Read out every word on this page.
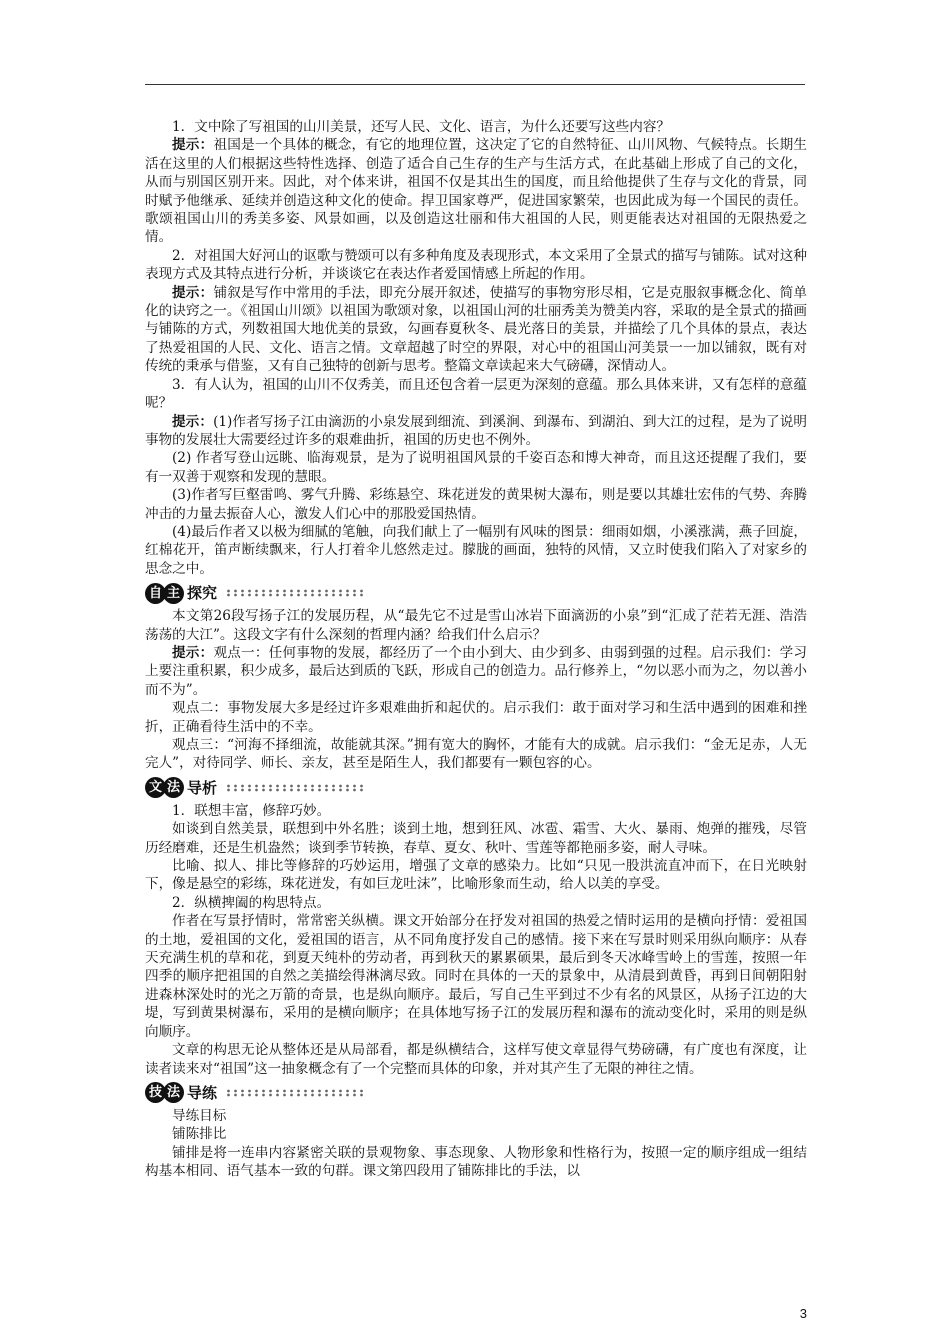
1．文中除了写祖国的山川美景，还写人民、文化、语言，为什么还要写这些内容？

提示：祖国是一个具体的概念，有它的地理位置，这决定了它的自然特征、山川风物、气候特点。长期生活在这里的人们根据这些特性选择、创造了适合自己生存的生产与生活方式，在此基础上形成了自己的文化，从而与别国区别开来。因此，对个体来讲，祖国不仅是其出生的国度，而且给他提供了生存与文化的背景，同时赋予他继承、延续并创造这种文化的使命。捍卫国家尊严，促进国家繁荣，也因此成为每一个国民的责任。歌颂祖国山川的秀美多姿、风景如画，以及创造这壮丽和伟大祖国的人民，则更能表达对祖国的无限热爱之情。

2．对祖国大好河山的讴歌与赞颂可以有多种角度及表现形式，本文采用了全景式的描写与铺陈。试对这种表现方式及其特点进行分析，并谈谈它在表达作者爱国情感上所起的作用。

提示：铺叙是写作中常用的手法，即充分展开叙述，使描写的事物穷形尽相，它是克服叙事概念化、简单化的诀窍之一。《祖国山川颂》以祖国为歌颂对象，以祖国山河的壮丽秀美为赞美内容，采取的是全景式的描画与铺陈的方式，列数祖国大地优美的景致，勾画春夏秋冬、晨光落日的美景，并描绘了几个具体的景点，表达了热爱祖国的人民、文化、语言之情。文章超越了时空的界限，对心中的祖国山河美景一一加以铺叙，既有对传统的秉承与借鉴，又有自己独特的创新与思考。整篇文章读起来大气磅礴，深情动人。

3．有人认为，祖国的山川不仅秀美，而且还包含着一层更为深刻的意蕴。那么具体来讲，又有怎样的意蕴呢？

提示：(1)作者写扬子江由滴沥的小泉发展到细流、到溪涧、到瀑布、到湖泊、到大江的过程，是为了说明事物的发展壮大需要经过许多的艰难曲折，祖国的历史也不例外。

(2) 作者写登山远眺、临海观景，是为了说明祖国风景的千姿百态和博大神奇，而且这还提醒了我们，要有一双善于观察和发现的慧眼。

(3)作者写巨壑雷鸣、雾气升腾、彩练悬空、珠花迸发的黄果树大瀑布，则是要以其雄壮宏伟的气势、奔腾冲击的力量去振奋人心，激发人们心中的那股爱国热情。

(4)最后作者又以极为细腻的笔触，向我们献上了一幅别有风味的图景：细雨如烟，小溪涨满，燕子回旋，红棉花开，笛声断续飘来，行人打着伞儿悠然走过。朦胧的画面，独特的风情，又立时使我们陷入了对家乡的思念之中。

自 主 探究

本文第26段写扬子江的发展历程，从“最先它不过是雪山冰岩下面滴沥的小泉”到“汇成了茫若无涯、浩浩荡荡的大江”。这段文字有什么深刻的哲理内涵？给我们什么启示？

提示：观点一：任何事物的发展，都经历了一个由小到大、由少到多、由弱到强的过程。启示我们：学习上要注重积累，积少成多，最后达到质的飞跃，形成自己的创造力。品行修养上，“勿以恶小而为之，勿以善小而不为”。

观点二：事物发展大多是经过许多艰难曲折和起伏的。启示我们：敢于面对学习和生活中遇到的困难和挫折，正确看待生活中的不幸。

观点三：“河海不择细流，故能就其深。”拥有宽大的胸怀，才能有大的成就。启示我们：“金无足赤，人无完人”，对待同学、师长、亲友，甚至是陌生人，我们都要有一颗包容的心。

文 法 导析

1．联想丰富，修辞巧妙。

如谈到自然美景，联想到中外名胜；谈到土地，想到狂风、冰雹、霜雪、大火、暴雨、炮弹的摧残，尽管历经磨难，还是生机盎然；谈到季节转换，春草、夏女、秋叶、雪莲等都艳丽多姿，耐人寻味。

比喻、拟人、排比等修辞的巧妙运用，增强了文章的感染力。比如“只见一股洪流直冲而下，在日光映射下，像是悬空的彩练，珠花迸发，有如巨龙吐沫”，比喻形象而生动，给人以美的享受。

2．纵横捭阖的构思特点。

作者在写景抒情时，常常密关纵横。课文开始部分在抒发对祖国的热爱之情时运用的是横向抒情：爱祖国的土地，爱祖国的文化，爱祖国的语言，从不同角度抒发自己的感情。接下来在写景时则采用纵向顺序：从春天充满生机的草和花，到夏天纯朴的劳动者，再到秋天的累累硕果，最后到冬天冰峰雪岭上的雪莲，按照一年四季的顺序把祖国的自然之美描绘得淋漓尽致。同时在具体的一天的景象中，从清晨到黄昏，再到日间朝阳射进森林深处时的光之万箭的奇景，也是纵向顺序。最后，写自己生平到过不少有名的风景区，从扬子江边的大堤，写到黄果树瀑布，采用的是横向顺序；在具体地写扬子江的发展历程和瀑布的流动变化时，采用的则是纵向顺序。

文章的构思无论从整体还是从局部看，都是纵横结合，这样写使文章显得气势磅礴，有广度也有深度，让读者读来对“祖国”这一抽象概念有了一个完整而具体的印象，并对其产生了无限的神往之情。

技 法 导练

导练目标

铺陈排比

铺排是将一连串内容紧密关联的景观物象、事态现象、人物形象和性格行为，按照一定的顺序组成一组结构基本相同、语气基本一致的句群。课文第四段用了铺陈排比的手法，以

3
